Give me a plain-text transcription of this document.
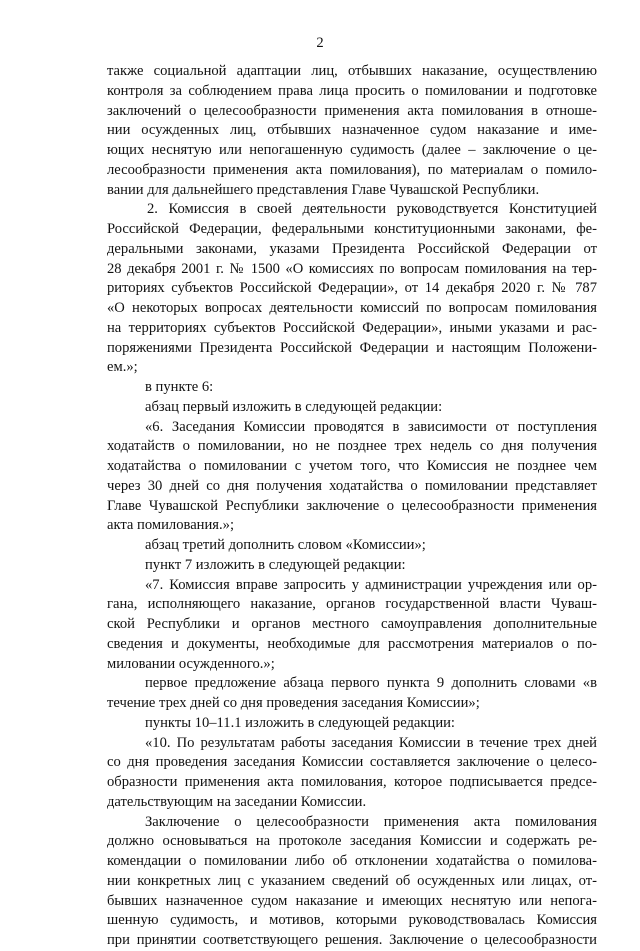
2
также социальной адаптации лиц, отбывших наказание, осуществлению
контроля за соблюдением права лица просить о помиловании и подготовке
заключений о целесообразности применения акта помилования в отноше-
нии осужденных лиц, отбывших назначенное судом наказание и име-
ющих неснятую или непогашенную судимость (далее – заключение о це-
лесообразности применения акта помилования), по материалам о помило-
вании для дальнейшего представления Главе Чувашской Республики.
2. Комиссия в своей деятельности руководствуется Конституцией
Российской Федерации, федеральными конституционными законами, фе-
деральными законами, указами Президента Российской Федерации от
28 декабря 2001 г. № 1500 «О комиссиях по вопросам помилования на тер-
риториях субъектов Российской Федерации», от 14 декабря 2020 г. № 787
«О некоторых вопросах деятельности комиссий по вопросам помилования
на территориях субъектов Российской Федерации», иными указами и рас-
поряжениями Президента Российской Федерации и настоящим Положени-
ем.»;
в пункте 6:
абзац первый изложить в следующей редакции:
«6. Заседания Комиссии проводятся в зависимости от поступления
ходатайств о помиловании, но не позднее трех недель со дня получения
ходатайства о помиловании с учетом того, что Комиссия не позднее чем
через 30 дней со дня получения ходатайства о помиловании представляет
Главе Чувашской Республики заключение о целесообразности применения
акта помилования.»;
абзац третий дополнить словом «Комиссии»;
пункт 7 изложить в следующей редакции:
«7. Комиссия вправе запросить у администрации учреждения или ор-
гана, исполняющего наказание, органов государственной власти Чуваш-
ской Республики и органов местного самоуправления дополнительные
сведения и документы, необходимые для рассмотрения материалов о по-
миловании осужденного.»;
первое предложение абзаца первого пункта 9 дополнить словами «в
течение трех дней со дня проведения заседания Комиссии»;
пункты 10–11.1 изложить в следующей редакции:
«10. По результатам работы заседания Комиссии в течение трех дней
со дня проведения заседания Комиссии составляется заключение о целесо-
образности применения акта помилования, которое подписывается предсе-
дательствующим на заседании Комиссии.
Заключение о целесообразности применения акта помилования
должно основываться на протоколе заседания Комиссии и содержать ре-
комендации о помиловании либо об отклонении ходатайства о помилова-
нии конкретных лиц с указанием сведений об осужденных или лицах, от-
бывших назначенное судом наказание и имеющих неснятую или непога-
шенную судимость, и мотивов, которыми руководствовалась Комиссия
при принятии соответствующего решения. Заключение о целесообразности
